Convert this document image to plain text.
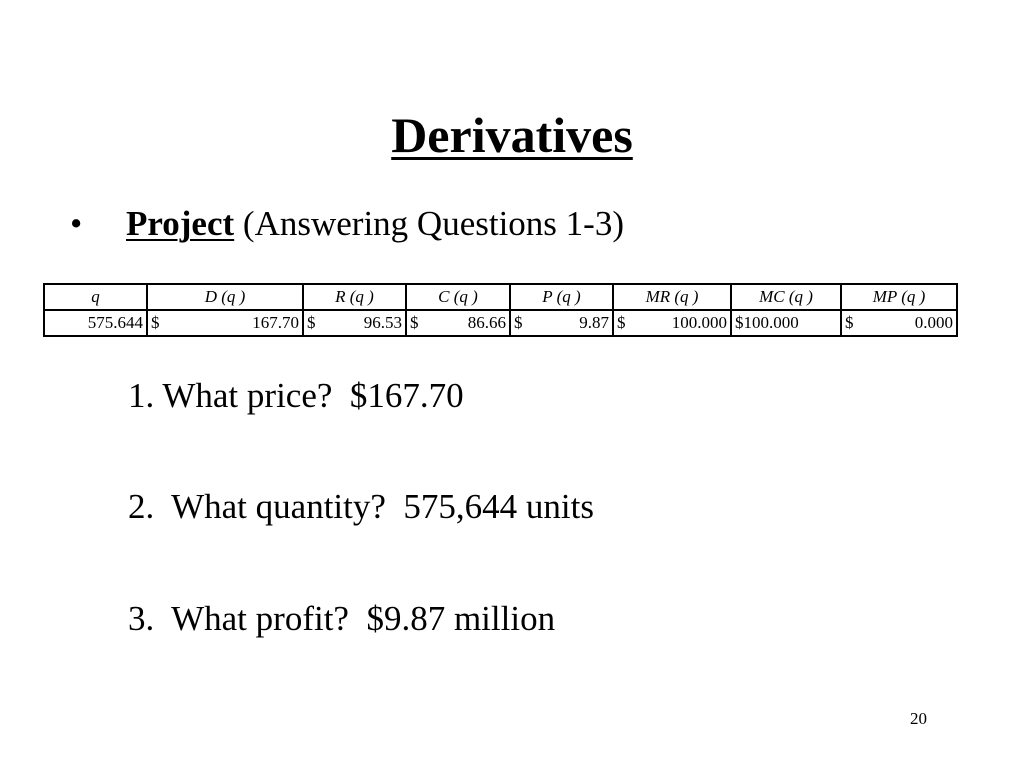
Derivatives
• Project (Answering Questions 1-3)
q	D (q )	R (q )	C (q )	P (q )	MR (q )	MC (q )	MP (q )
575.644	$ 167.70	$ 96.53	$ 86.66	$ 9.87	$ 100.000	$100.000	$ 0.000
1. What price?  $167.70
2.  What quantity?  575,644 units
3.  What profit?  $9.87 million
20
